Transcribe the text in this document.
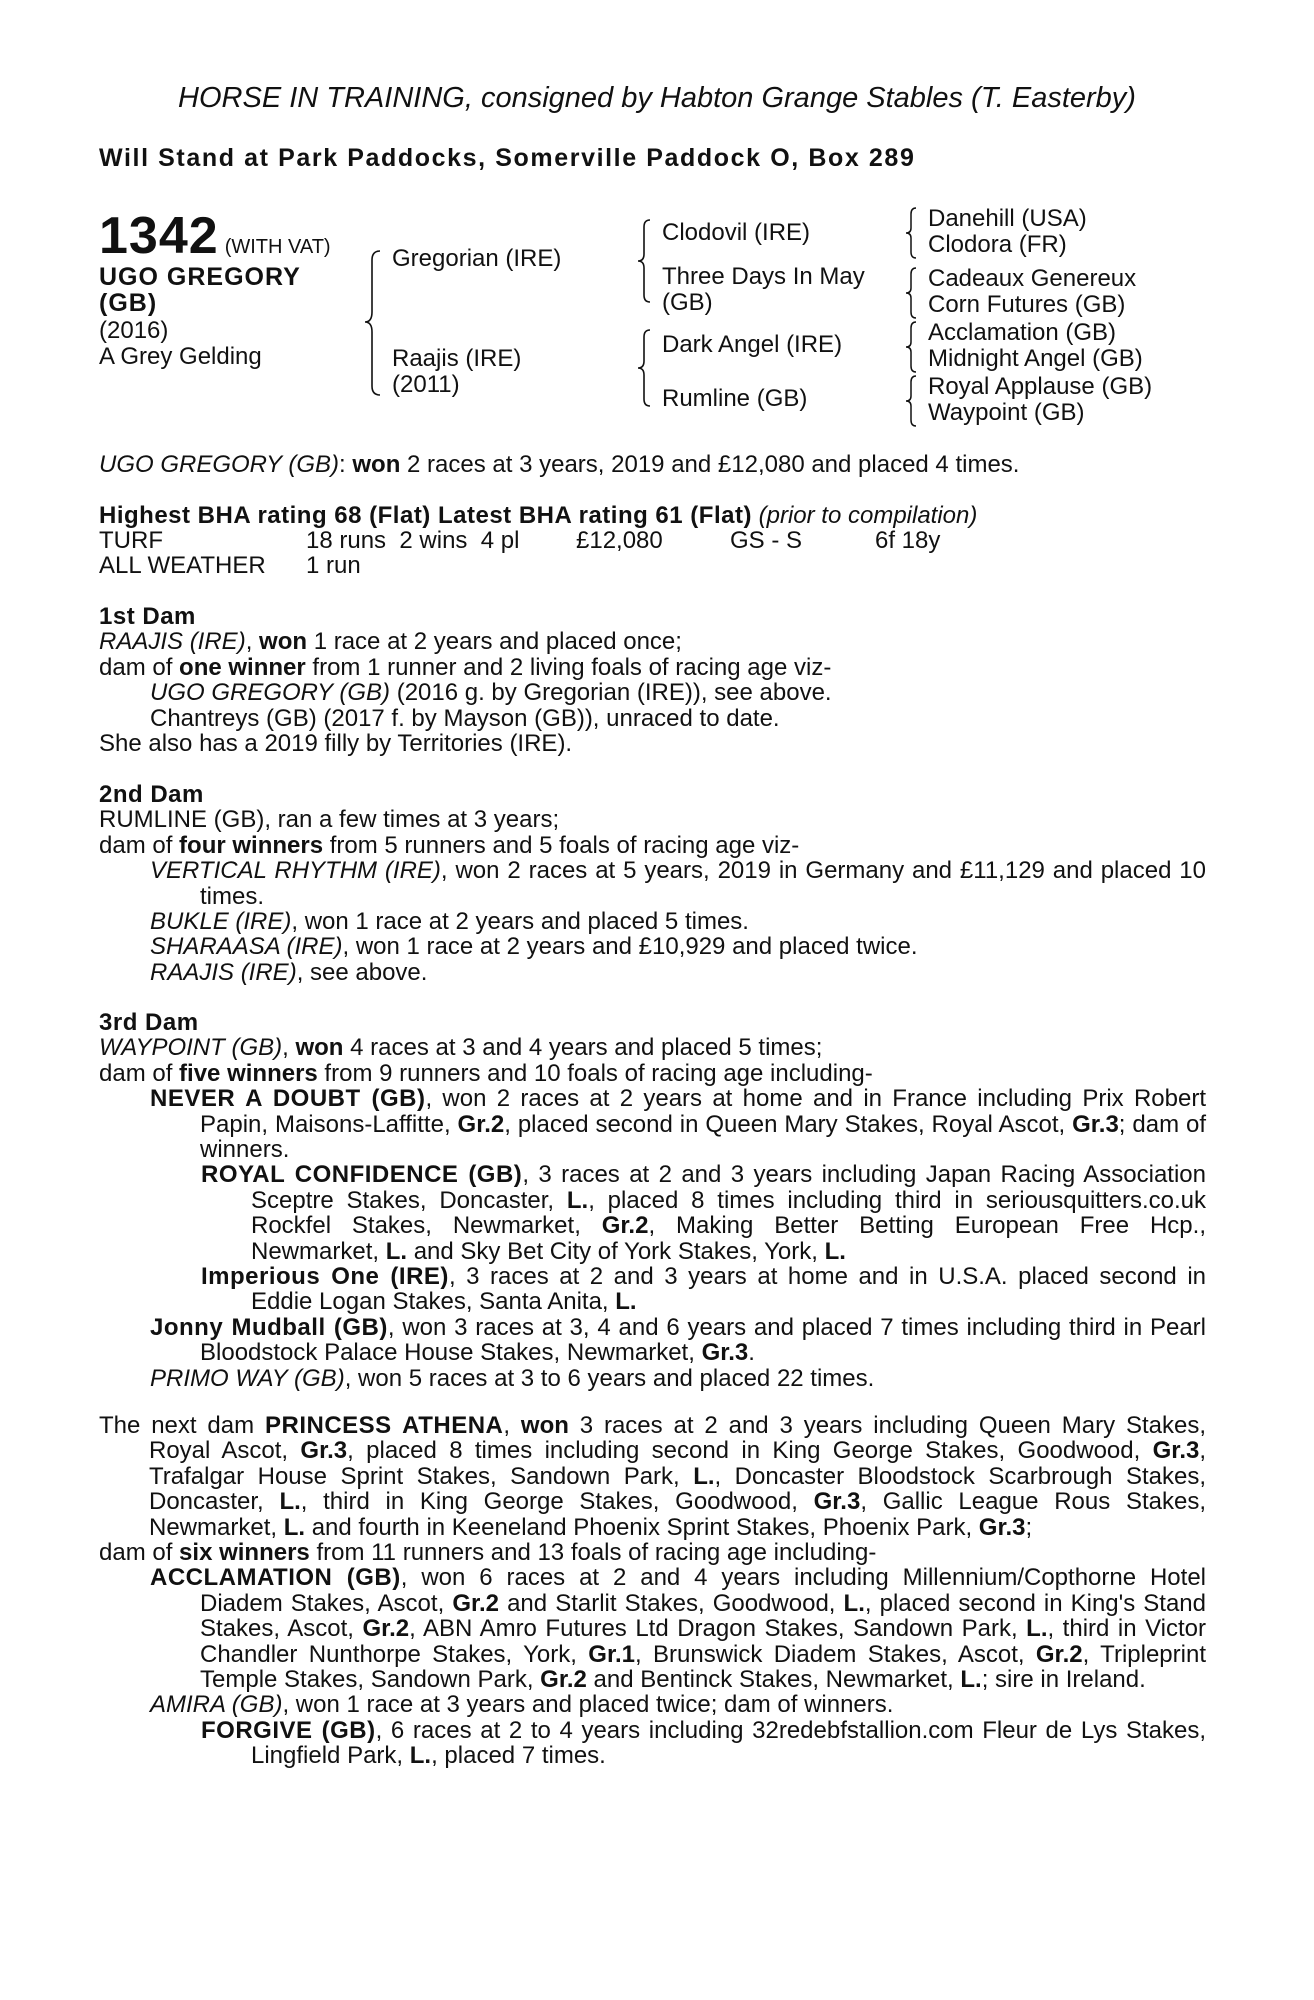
HORSE IN TRAINING, consigned by Habton Grange Stables (T. Easterby)
Will Stand at Park Paddocks, Somerville Paddock O, Box 289
1342 (WITH VAT)
UGO GREGORY
(GB)
(2016)
A Grey Gelding
Gregorian (IRE)
Raajis (IRE)
(2011)
Clodovil (IRE)
Three Days In May
(GB)
Dark Angel (IRE)
Rumline (GB)
Danehill (USA)
Clodora (FR)
Cadeaux Genereux
Corn Futures (GB)
Acclamation (GB)
Midnight Angel (GB)
Royal Applause (GB)
Waypoint (GB)

UGO GREGORY (GB): won 2 races at 3 years, 2019 and £12,080 and placed 4 times.

Highest BHA rating 68 (Flat) Latest BHA rating 61 (Flat) (prior to compilation)

TURF	18 runs  2 wins  4 pl £12,080	GS - S	6f 18y
ALL WEATHER 1 run

1st Dam

RAAJIS (IRE), won 1 race at 2 years and placed once;

dam of one winner from 1 runner and 2 living foals of racing age viz-

UGO GREGORY (GB) (2016 g. by Gregorian (IRE)), see above.

Chantreys (GB) (2017 f. by Mayson (GB)), unraced to date.

She also has a 2019 filly by Territories (IRE).

2nd Dam

RUMLINE (GB), ran a few times at 3 years;

dam of four winners from 5 runners and 5 foals of racing age viz-

VERTICAL RHYTHM (IRE), won 2 races at 5 years, 2019 in Germany and £11,129 and placed 10 times.

BUKLE (IRE), won 1 race at 2 years and placed 5 times.

SHARAASA (IRE), won 1 race at 2 years and £10,929 and placed twice.

RAAJIS (IRE), see above.

3rd Dam

WAYPOINT (GB), won 4 races at 3 and 4 years and placed 5 times;

dam of five winners from 9 runners and 10 foals of racing age including-

NEVER A DOUBT (GB), won 2 races at 2 years at home and in France including Prix Robert Papin, Maisons-Laffitte, Gr.2, placed second in Queen Mary Stakes, Royal Ascot, Gr.3; dam of winners.

ROYAL CONFIDENCE (GB), 3 races at 2 and 3 years including Japan Racing Association Sceptre Stakes, Doncaster, L., placed 8 times including third in seriousquitters.co.uk Rockfel Stakes, Newmarket, Gr.2, Making Better Betting European Free Hcp., Newmarket, L. and Sky Bet City of York Stakes, York, L.

Imperious One (IRE), 3 races at 2 and 3 years at home and in U.S.A. placed second in Eddie Logan Stakes, Santa Anita, L.

Jonny Mudball (GB), won 3 races at 3, 4 and 6 years and placed 7 times including third in Pearl Bloodstock Palace House Stakes, Newmarket, Gr.3.

PRIMO WAY (GB), won 5 races at 3 to 6 years and placed 22 times.

The next dam PRINCESS ATHENA, won 3 races at 2 and 3 years including Queen Mary Stakes, Royal Ascot, Gr.3, placed 8 times including second in King George Stakes, Goodwood, Gr.3, Trafalgar House Sprint Stakes, Sandown Park, L., Doncaster Bloodstock Scarbrough Stakes, Doncaster, L., third in King George Stakes, Goodwood, Gr.3, Gallic League Rous Stakes, Newmarket, L. and fourth in Keeneland Phoenix Sprint Stakes, Phoenix Park, Gr.3;

dam of six winners from 11 runners and 13 foals of racing age including-

ACCLAMATION (GB), won 6 races at 2 and 4 years including Millennium/Copthorne Hotel Diadem Stakes, Ascot, Gr.2 and Starlit Stakes, Goodwood, L., placed second in King's Stand Stakes, Ascot, Gr.2, ABN Amro Futures Ltd Dragon Stakes, Sandown Park, L., third in Victor Chandler Nunthorpe Stakes, York, Gr.1, Brunswick Diadem Stakes, Ascot, Gr.2, Tripleprint Temple Stakes, Sandown Park, Gr.2 and Bentinck Stakes, Newmarket, L.; sire in Ireland.

AMIRA (GB), won 1 race at 3 years and placed twice; dam of winners.

FORGIVE (GB), 6 races at 2 to 4 years including 32redebfstallion.com Fleur de Lys Stakes, Lingfield Park, L., placed 7 times.
